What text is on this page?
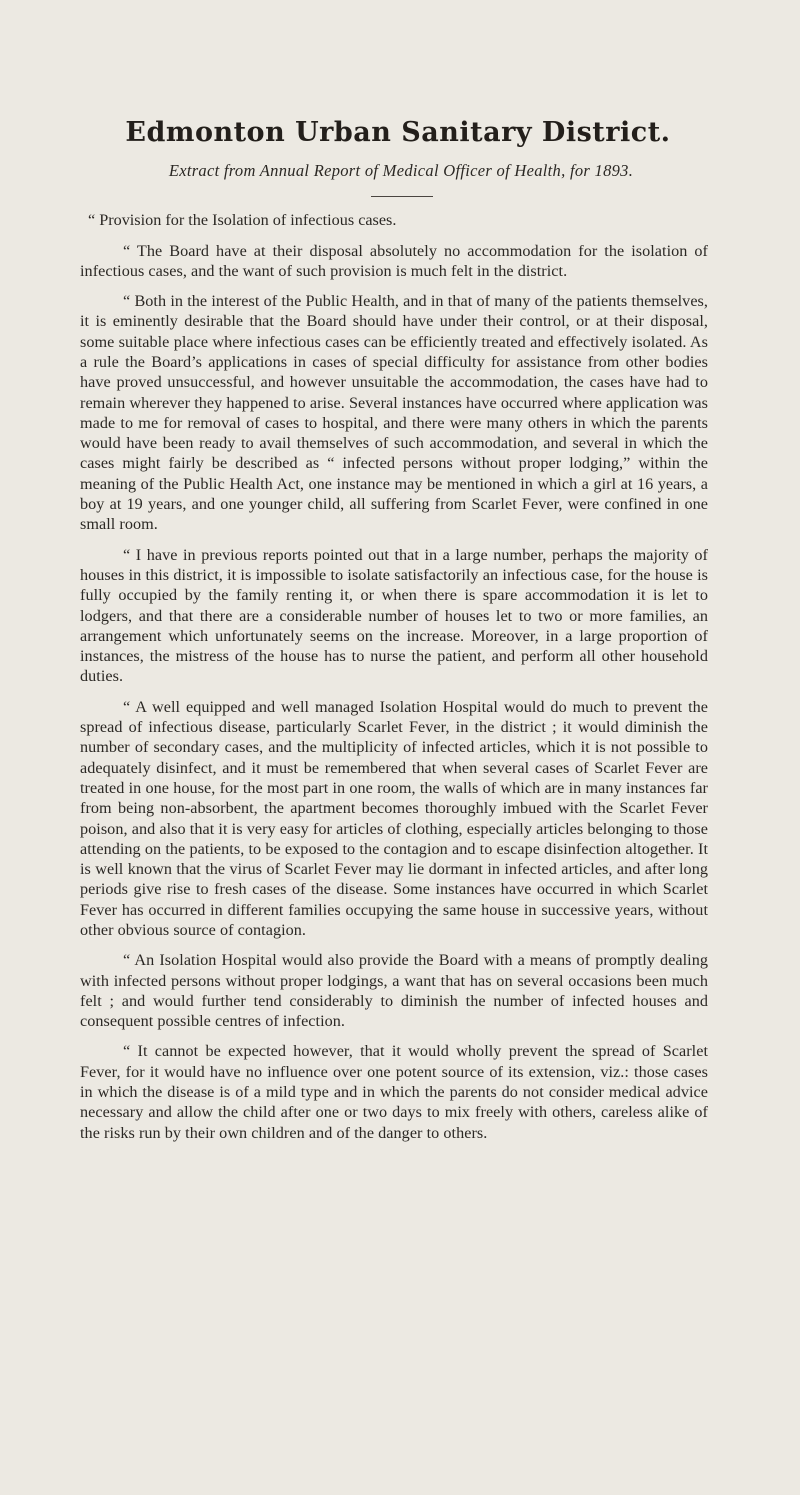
Edmonton Urban Sanitary District.
Extract from Annual Report of Medical Officer of Health, for 1893.

“ Provision for the Isolation of infectious cases.

“ The Board have at their disposal absolutely no accommodation for the isolation of infectious cases, and the want of such provision is much felt in the district.

“ Both in the interest of the Public Health, and in that of many of the patients themselves, it is eminently desirable that the Board should have under their control, or at their disposal, some suitable place where infectious cases can be efficiently treated and effectively isolated. As a rule the Board’s applications in cases of special difficulty for assistance from other bodies have proved unsuccessful, and however unsuitable the accommodation, the cases have had to remain wherever they happened to arise. Several instances have occurred where application was made to me for removal of cases to hospital, and there were many others in which the parents would have been ready to avail themselves of such accommodation, and several in which the cases might fairly be described as “ infected persons without proper lodging,” within the meaning of the Public Health Act, one instance may be mentioned in which a girl at 16 years, a boy at 19 years, and one younger child, all suffering from Scarlet Fever, were confined in one small room.

“ I have in previous reports pointed out that in a large number, perhaps the majority of houses in this district, it is impossible to isolate satisfactorily an infectious case, for the house is fully occupied by the family renting it, or when there is spare accommodation it is let to lodgers, and that there are a considerable number of houses let to two or more families, an arrangement which unfortunately seems on the increase. Moreover, in a large proportion of instances, the mistress of the house has to nurse the patient, and perform all other household duties.

“ A well equipped and well managed Isolation Hospital would do much to prevent the spread of infectious disease, particularly Scarlet Fever, in the district ; it would diminish the number of secondary cases, and the multiplicity of infected articles, which it is not possible to adequately disinfect, and it must be remembered that when several cases of Scarlet Fever are treated in one house, for the most part in one room, the walls of which are in many instances far from being non-absorbent, the apartment becomes thoroughly imbued with the Scarlet Fever poison, and also that it is very easy for articles of clothing, especially articles belonging to those attending on the patients, to be exposed to the contagion and to escape disinfection altogether. It is well known that the virus of Scarlet Fever may lie dormant in infected articles, and after long periods give rise to fresh cases of the disease. Some instances have occurred in which Scarlet Fever has occurred in different families occupying the same house in successive years, without other obvious source of contagion.

“ An Isolation Hospital would also provide the Board with a means of promptly dealing with infected persons without proper lodgings, a want that has on several occasions been much felt ; and would further tend considerably to diminish the number of infected houses and consequent possible centres of infection.

“ It cannot be expected however, that it would wholly prevent the spread of Scarlet Fever, for it would have no influence over one potent source of its extension, viz.: those cases in which the disease is of a mild type and in which the parents do not consider medical advice necessary and allow the child after one or two days to mix freely with others, careless alike of the risks run by their own children and of the danger to others.
